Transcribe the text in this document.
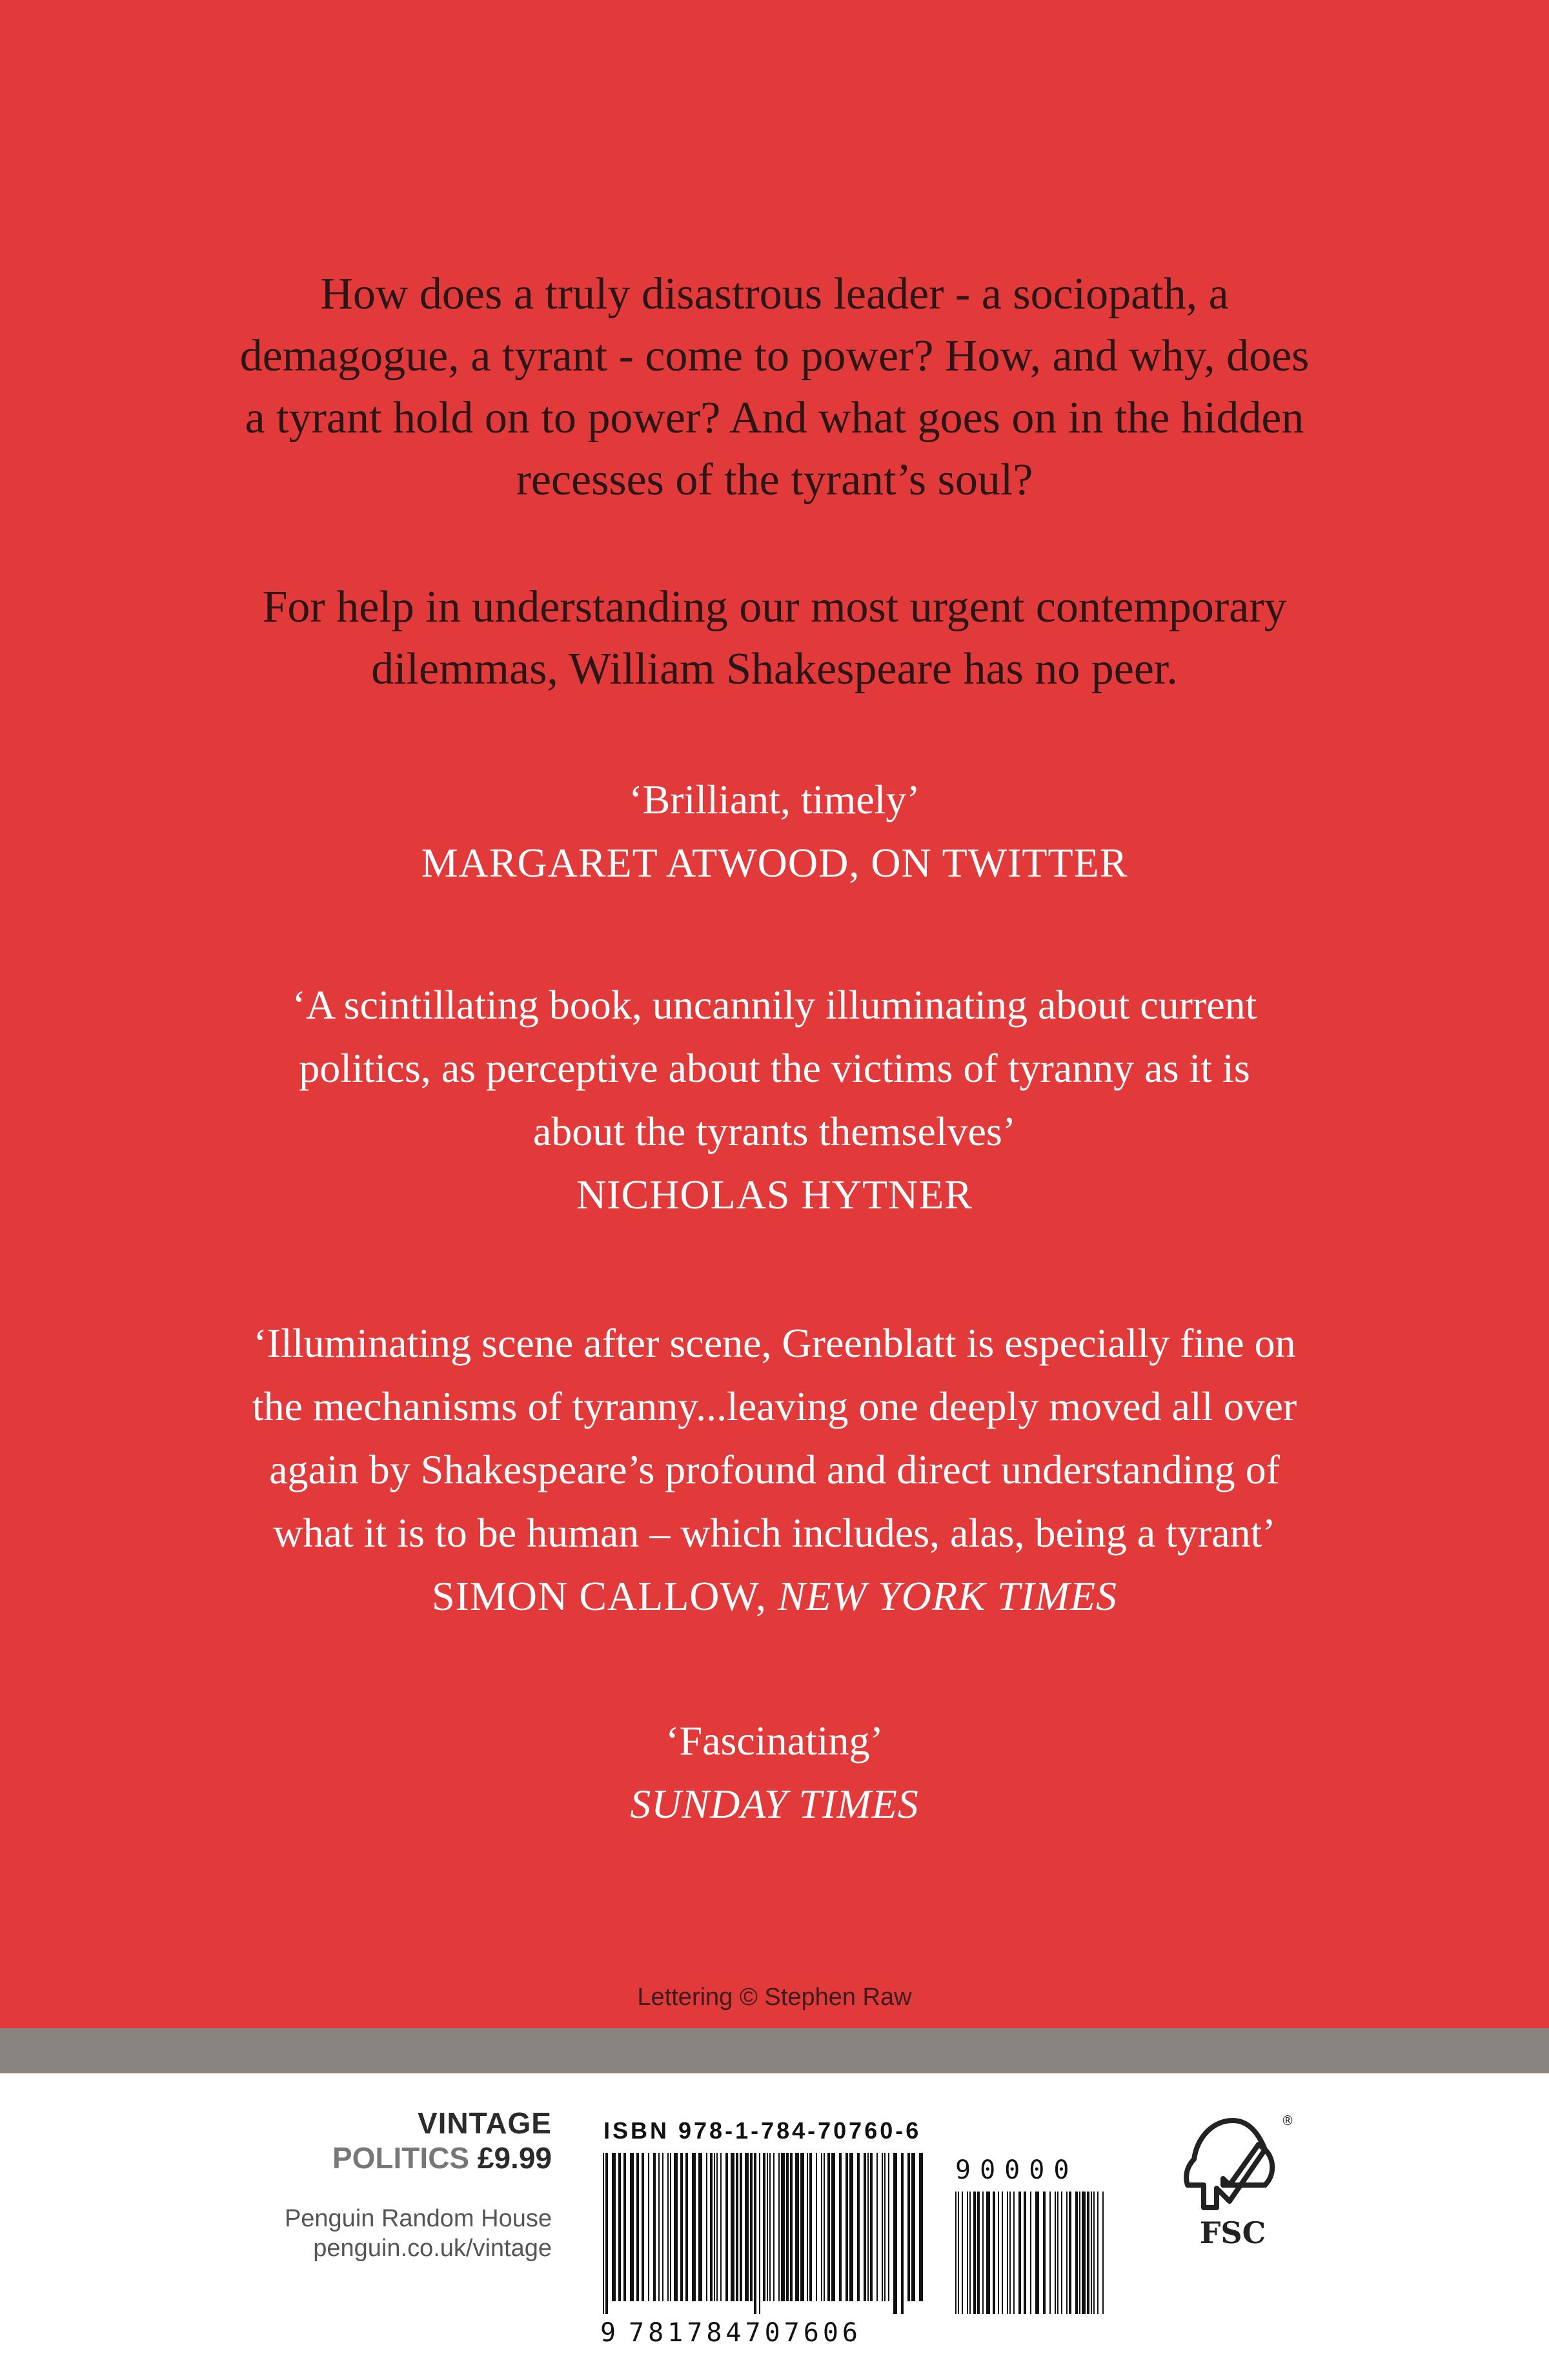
How does a truly disastrous leader - a sociopath, a
demagogue, a tyrant - come to power? How, and why, does
a tyrant hold on to power? And what goes on in the hidden
recesses of the tyrant’s soul?
For help in understanding our most urgent contemporary
dilemmas, William Shakespeare has no peer.
‘Brilliant, timely’
MARGARET ATWOOD, ON TWITTER
‘A scintillating book, uncannily illuminating about current
politics, as perceptive about the victims of tyranny as it is
about the tyrants themselves’
NICHOLAS HYTNER
‘Illuminating scene after scene, Greenblatt is especially fine on
the mechanisms of tyranny...leaving one deeply moved all over
again by Shakespeare’s profound and direct understanding of
what it is to be human – which includes, alas, being a tyrant’
SIMON CALLOW, NEW YORK TIMES
‘Fascinating’
SUNDAY TIMES
Lettering © Stephen Raw
VINTAGE
POLITICS £9.99
Penguin Random House
penguin.co.uk/vintage
ISBN 978-1-784-70760-6
9 781784707606
90000
FSC
®
